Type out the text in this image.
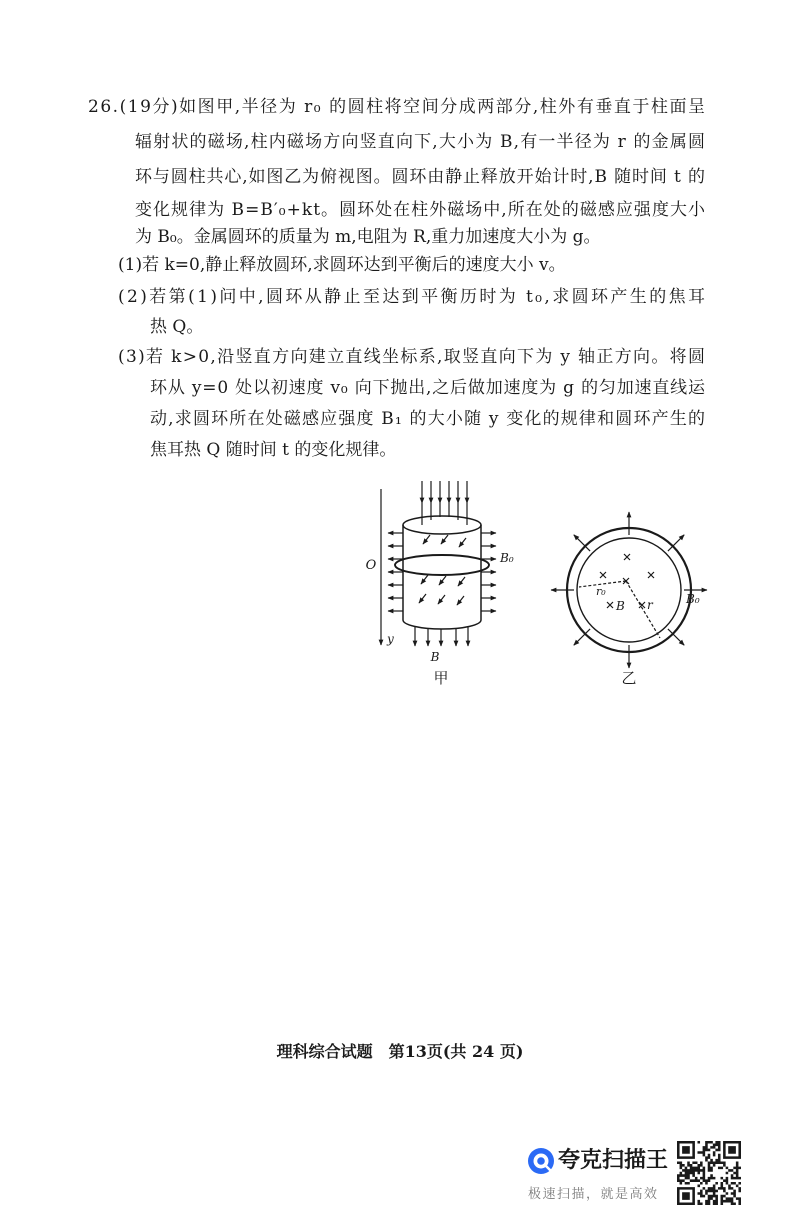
26.(19分)如图甲,半径为 r₀ 的圆柱将空间分成两部分,柱外有垂直于柱面呈
辐射状的磁场,柱内磁场方向竖直向下,大小为 B,有一半径为 r 的金属圆
环与圆柱共心,如图乙为俯视图。圆环由静止释放开始计时,B 随时间 t 的
变化规律为 B=B′₀+kt。圆环处在柱外磁场中,所在处的磁感应强度大小
为 B₀。金属圆环的质量为 m,电阻为 R,重力加速度大小为 g。
(1)若 k=0,静止释放圆环,求圆环达到平衡后的速度大小 v。
(2)若第(1)问中,圆环从静止至达到平衡历时为 t₀,求圆环产生的焦耳
热 Q。
(3)若 k>0,沿竖直方向建立直线坐标系,取竖直向下为 y 轴正方向。将圆
环从 y=0 处以初速度 v₀ 向下抛出,之后做加速度为 g 的匀加速直线运
动,求圆环所在处磁感应强度 B₁ 的大小随 y 变化的规律和圆环产生的
焦耳热 Q 随时间 t 的变化规律。
y
O	B₀
B
甲
r₀
B r	B₀
乙
理科综合试题　第13页(共 24 页)
夸克扫描王
极速扫描，就是高效
